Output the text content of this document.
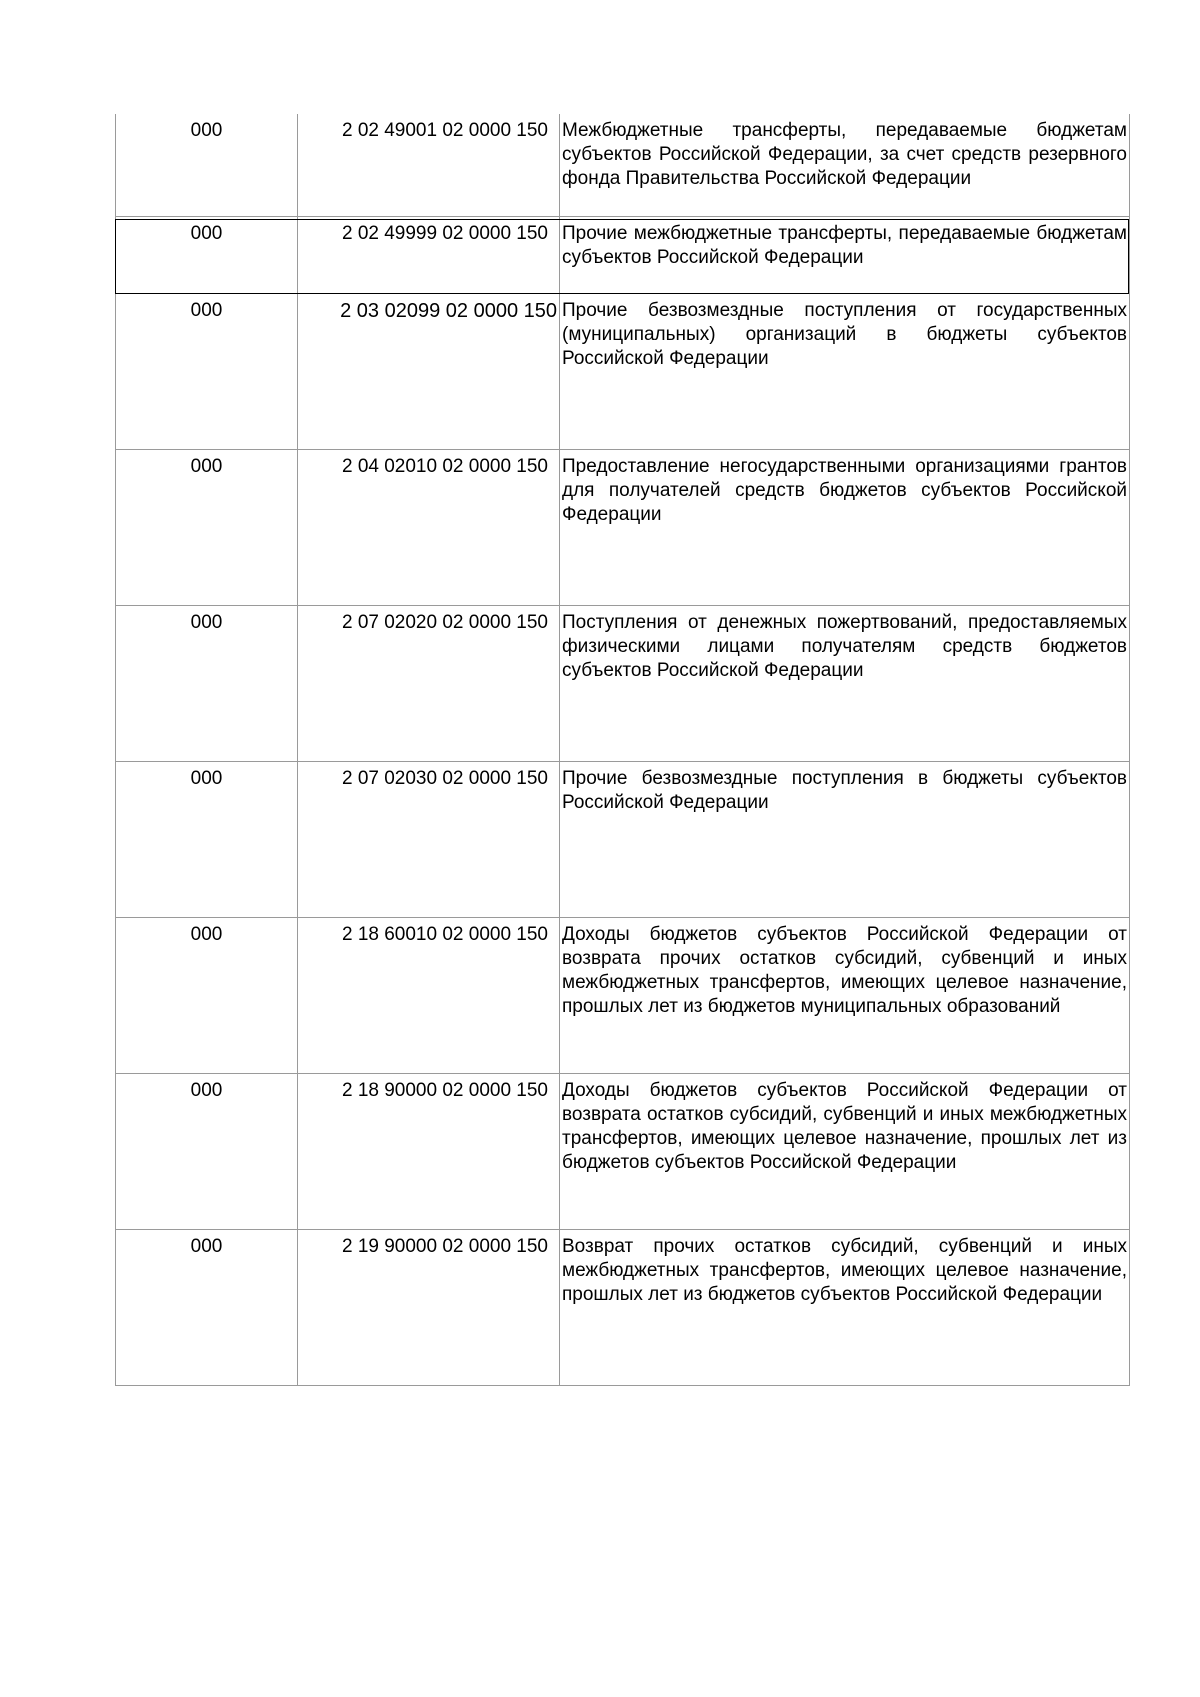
000	2 02 49001 02 0000 150	Межбюджетные трансферты, передаваемые бюджетам субъектов Российской Федерации, за счет средств резервного фонда Правительства Российской Федерации
000	2 02 49999 02 0000 150	Прочие межбюджетные трансферты, передаваемые бюджетам субъектов Российской Федерации
000	2 03 02099 02 0000 150	Прочие безвозмездные поступления от государственных (муниципальных) организаций в бюджеты субъектов Российской Федерации
000	2 04 02010 02 0000 150	Предоставление негосударственными организациями грантов для получателей средств бюджетов субъектов Российской Федерации
000	2 07 02020 02 0000 150	Поступления от денежных пожертвований, предоставляемых физическими лицами получателям средств бюджетов субъектов Российской Федерации
000	2 07 02030 02 0000 150	Прочие безвозмездные поступления в бюджеты субъектов Российской Федерации
000	2 18 60010 02 0000 150	Доходы бюджетов субъектов Российской Федерации от возврата прочих остатков субсидий, субвенций и иных межбюджетных трансфертов, имеющих целевое назначение, прошлых лет из бюджетов муниципальных образований
000	2 18 90000 02 0000 150	Доходы бюджетов субъектов Российской Федерации от возврата остатков субсидий, субвенций и иных межбюджетных трансфертов, имеющих целевое назначение, прошлых лет из бюджетов субъектов Российской Федерации
000	2 19 90000 02 0000 150	Возврат прочих остатков субсидий, субвенций и иных межбюджетных трансфертов, имеющих целевое назначение, прошлых лет из бюджетов субъектов Российской Федерации
